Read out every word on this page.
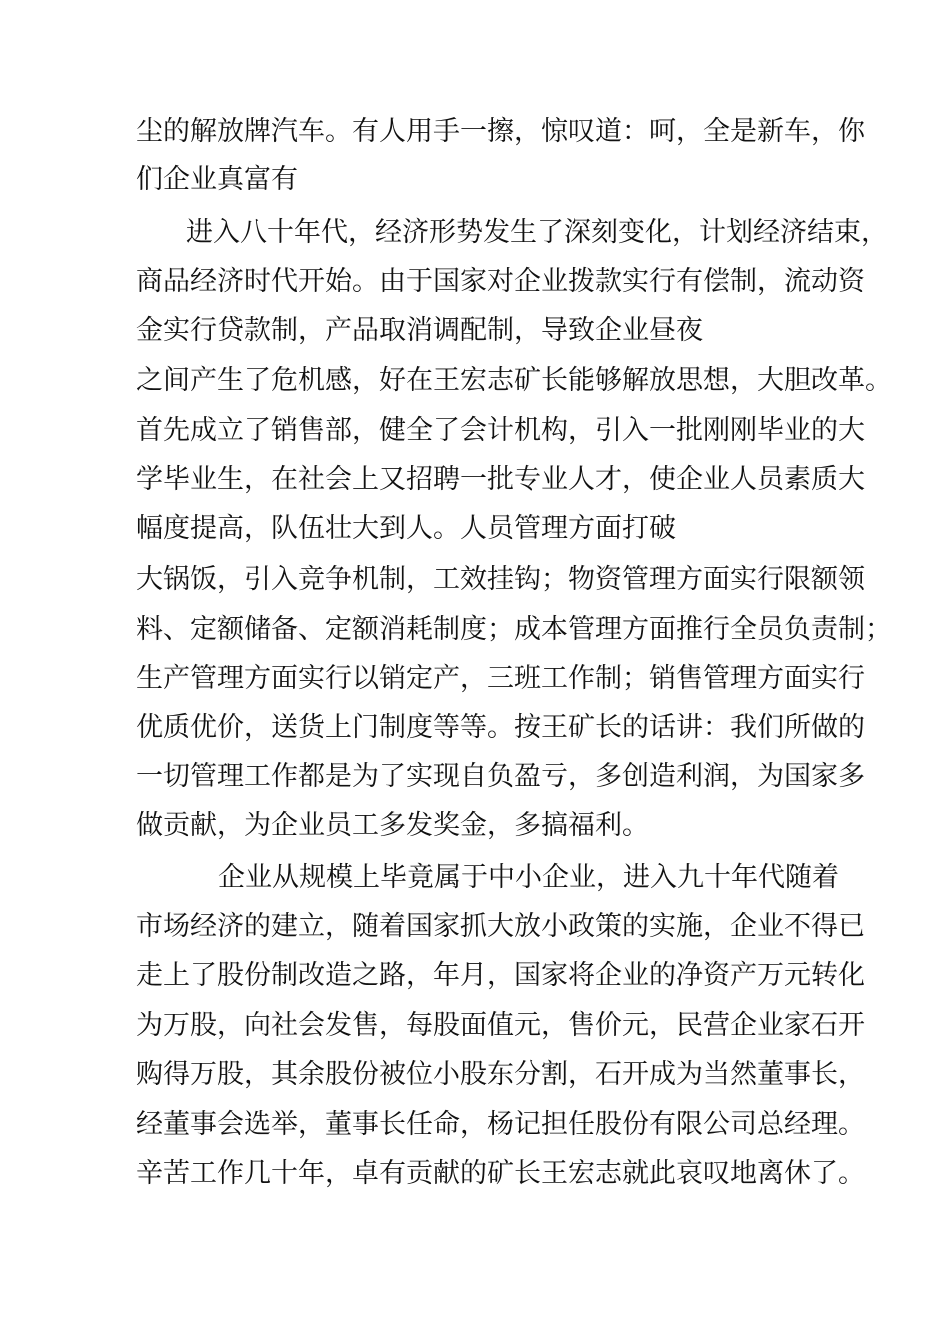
尘的解放牌汽车。有人用手一擦，惊叹道：呵，全是新车，你
们企业真富有
进入八十年代，经济形势发生了深刻变化，计划经济结束，
商品经济时代开始。由于国家对企业拨款实行有偿制，流动资
金实行贷款制，产品取消调配制，导致企业昼夜
之间产生了危机感，好在王宏志矿长能够解放思想，大胆改革。
首先成立了销售部，健全了会计机构，引入一批刚刚毕业的大
学毕业生，在社会上又招聘一批专业人才，使企业人员素质大
幅度提高，队伍壮大到人。人员管理方面打破
大锅饭，引入竞争机制，工效挂钩；物资管理方面实行限额领
料、定额储备、定额消耗制度；成本管理方面推行全员负责制；
生产管理方面实行以销定产，三班工作制；销售管理方面实行
优质优价，送货上门制度等等。按王矿长的话讲：我们所做的
一切管理工作都是为了实现自负盈亏，多创造利润，为国家多
做贡献，为企业员工多发奖金，多搞福利。
企业从规模上毕竟属于中小企业，进入九十年代随着
市场经济的建立，随着国家抓大放小政策的实施，企业不得已
走上了股份制改造之路，年月，国家将企业的净资产万元转化
为万股，向社会发售，每股面值元，售价元，民营企业家石开
购得万股，其余股份被位小股东分割，石开成为当然董事长，
经董事会选举，董事长任命，杨记担任股份有限公司总经理。
辛苦工作几十年，卓有贡献的矿长王宏志就此哀叹地离休了。
